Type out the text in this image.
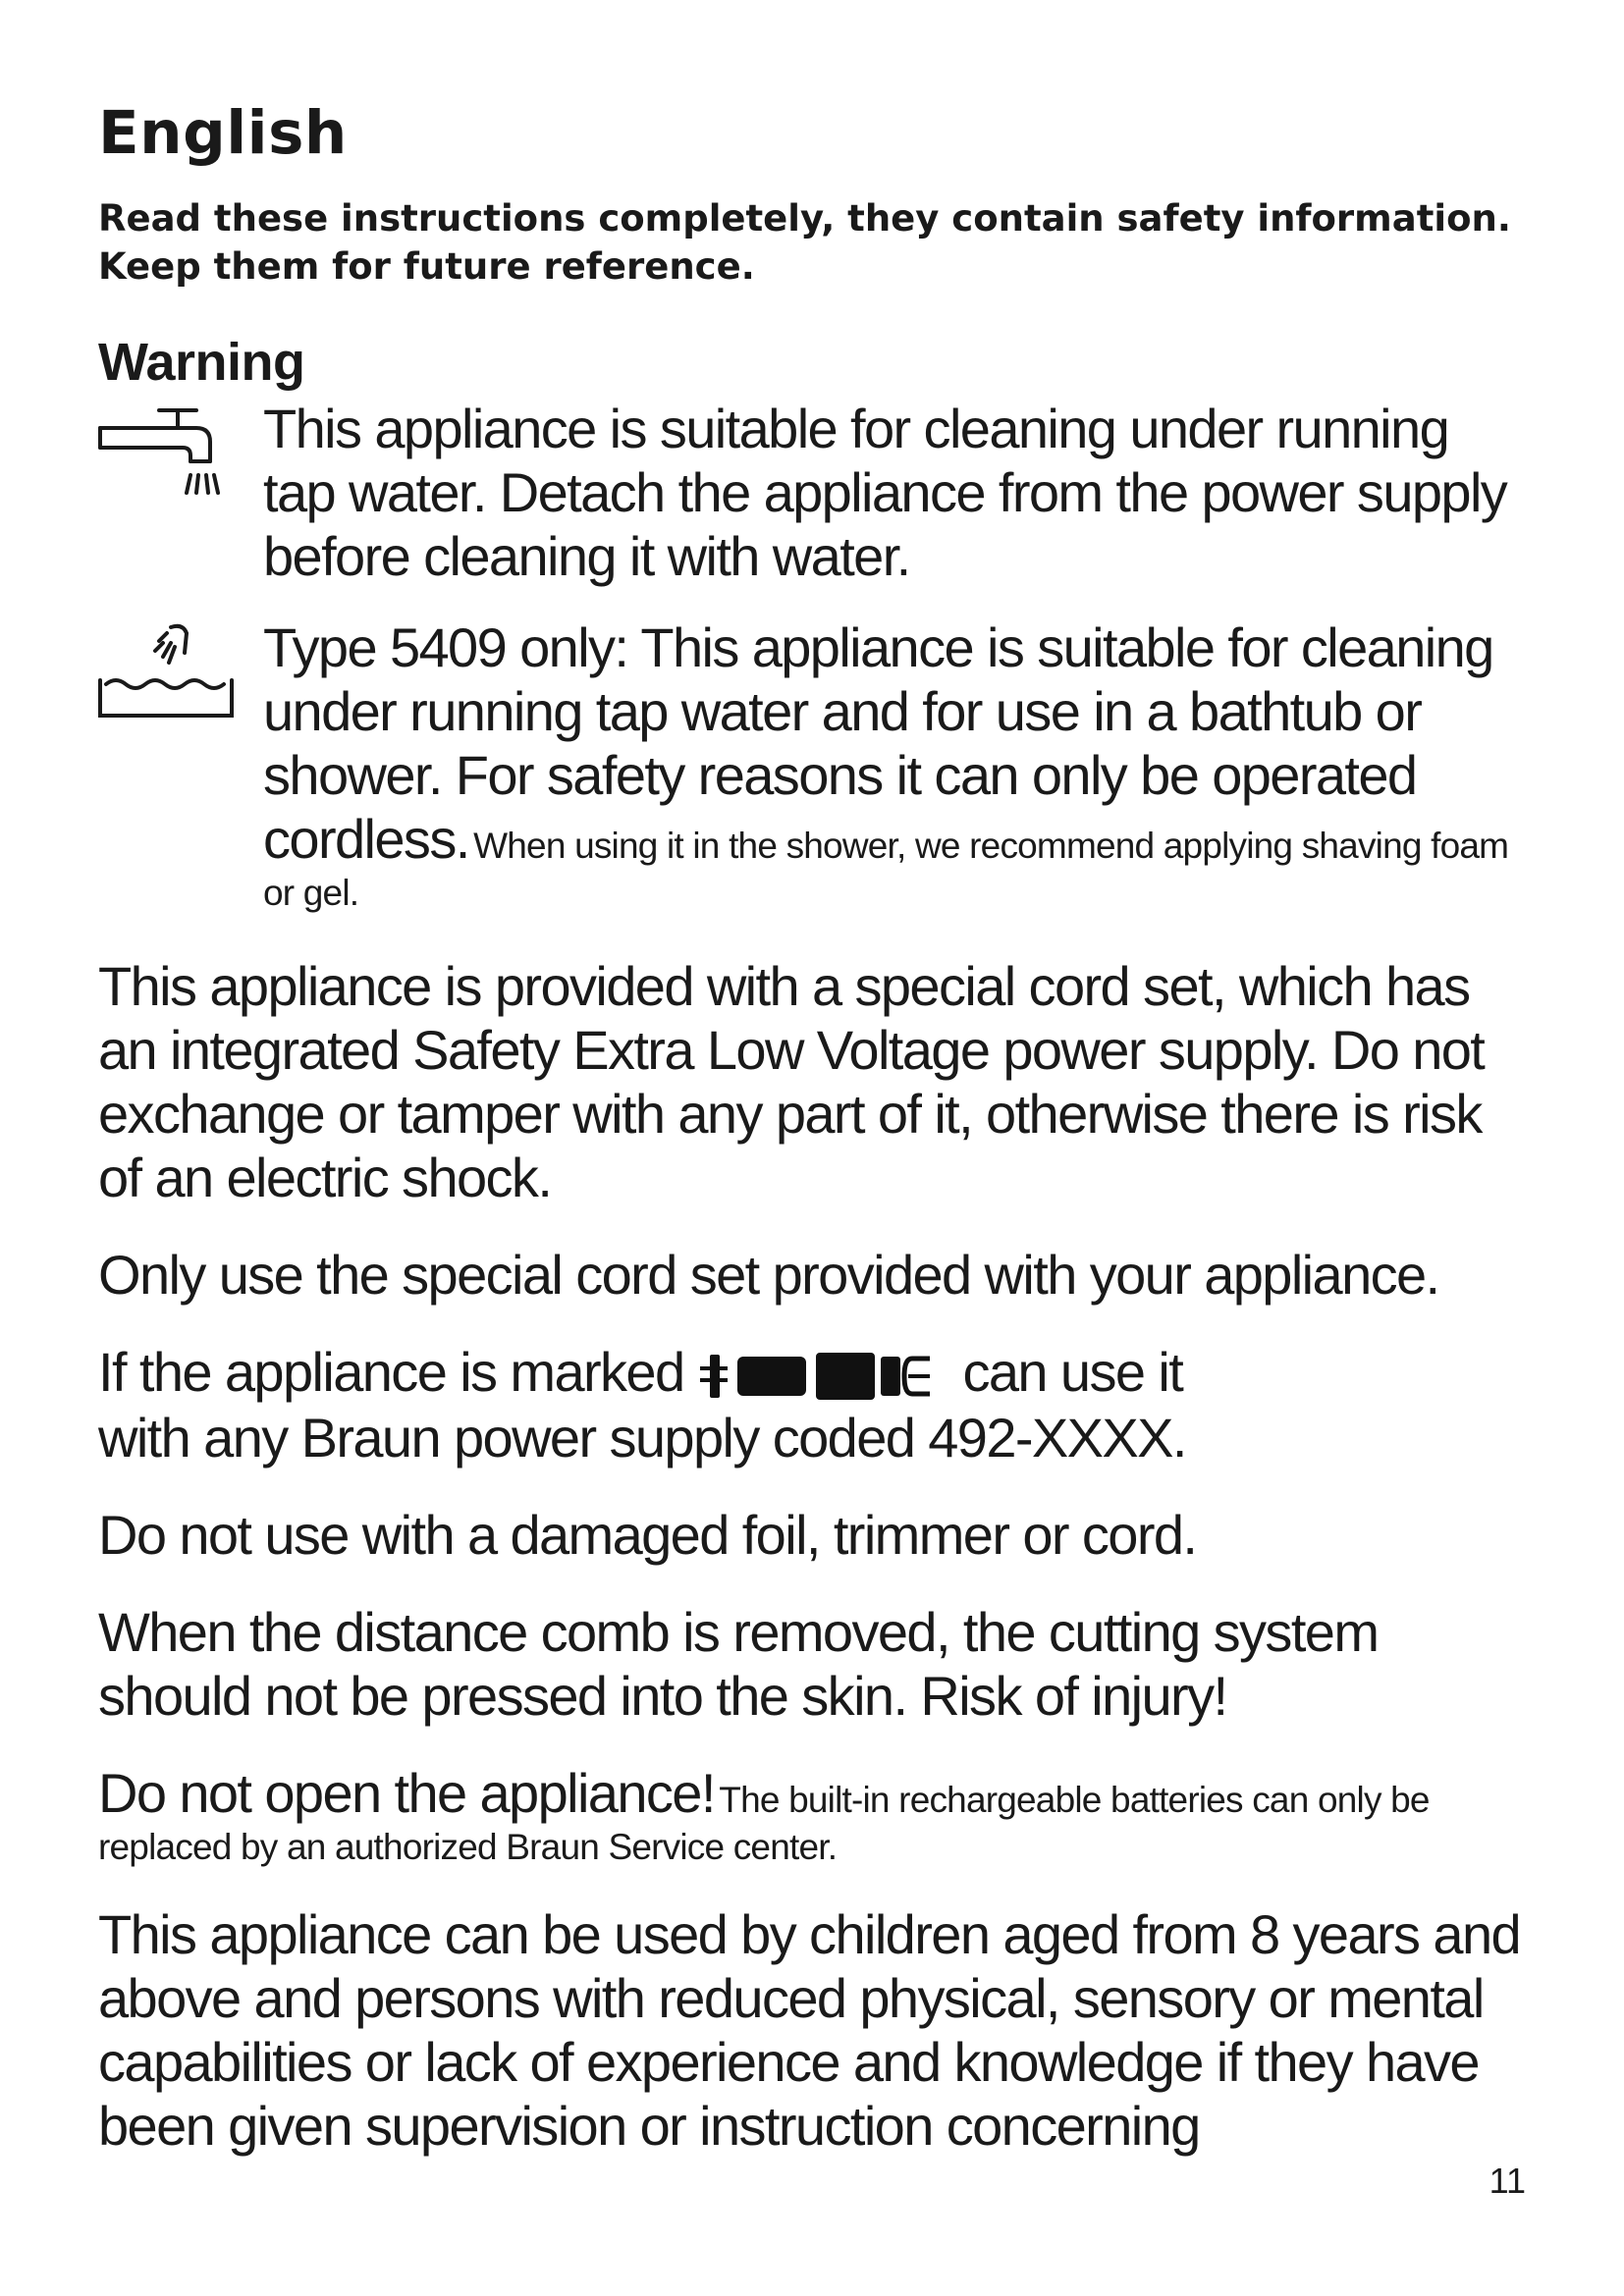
English
Read these instructions completely, they contain safety information.
Keep them for future reference.
Warning

This appliance is suitable for cleaning under running tap water. Detach the appliance from the power supply before cleaning it with water.

Type 5409 only: This appliance is suitable for cleaning under running tap water and for use in a bathtub or shower. For safety reasons it can only be operated cordless. When using it in the shower, we recommend applying shaving foam or gel.

This appliance is provided with a special cord set, which has an integrated Safety Extra Low Voltage power supply. Do not exchange or tamper with any part of it, otherwise there is risk of an electric shock.

Only use the special cord set provided with your appliance.

If the appliance is marked	can use it
with any Braun power supply coded 492-XXXX.

Do not use with a damaged foil, trimmer or cord.

When the distance comb is removed, the cutting system should not be pressed into the skin. Risk of injury!

Do not open the appliance! The built-in rechargeable batteries can only be replaced by an authorized Braun Service center.

This appliance can be used by children aged from 8 years and above and persons with reduced physical, sensory or mental capabilities or lack of experience and knowledge if they have been given supervision or instruction concerning

11
